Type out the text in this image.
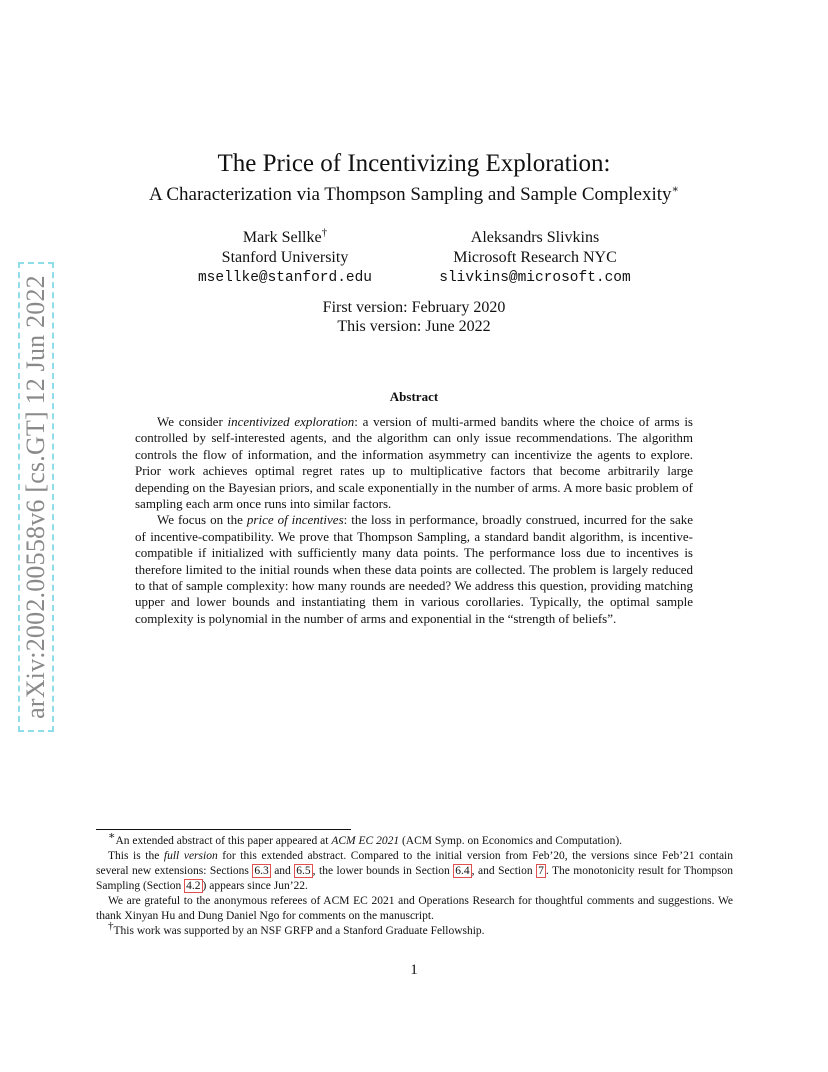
arXiv:2002.00558v6 [cs.GT] 12 Jun 2022
The Price of Incentivizing Exploration:
A Characterization via Thompson Sampling and Sample Complexity∗
Mark Sellke†
Stanford University
msellke@stanford.edu
Aleksandrs Slivkins
Microsoft Research NYC
slivkins@microsoft.com
First version: February 2020
This version: June 2022
Abstract

We consider incentivized exploration: a version of multi-armed bandits where the choice of arms is controlled by self-interested agents, and the algorithm can only issue recommendations. The algorithm controls the flow of information, and the information asymmetry can incentivize the agents to explore. Prior work achieves optimal regret rates up to multiplicative factors that become arbitrarily large depending on the Bayesian priors, and scale exponentially in the number of arms. A more basic problem of sampling each arm once runs into similar factors.

We focus on the price of incentives: the loss in performance, broadly construed, incurred for the sake of incentive-compatibility. We prove that Thompson Sampling, a standard bandit algorithm, is incentive-compatible if initialized with sufficiently many data points. The performance loss due to incentives is therefore limited to the initial rounds when these data points are collected. The problem is largely reduced to that of sample complexity: how many rounds are needed? We address this question, providing matching upper and lower bounds and instantiating them in various corollaries. Typically, the optimal sample complexity is polynomial in the number of arms and exponential in the “strength of beliefs”.

∗An extended abstract of this paper appeared at ACM EC 2021 (ACM Symp. on Economics and Computation).

This is the full version for this extended abstract. Compared to the initial version from Feb’20, the versions since Feb’21 contain several new extensions: Sections 6.3 and 6.5 , the lower bounds in Section 6.4 , and Section 7 . The monotonicity result for Thompson Sampling (Section 4.2 ) appears since Jun’22.

We are grateful to the anonymous referees of ACM EC 2021 and Operations Research for thoughtful comments and suggestions. We thank Xinyan Hu and Dung Daniel Ngo for comments on the manuscript.

†This work was supported by an NSF GRFP and a Stanford Graduate Fellowship.

1
